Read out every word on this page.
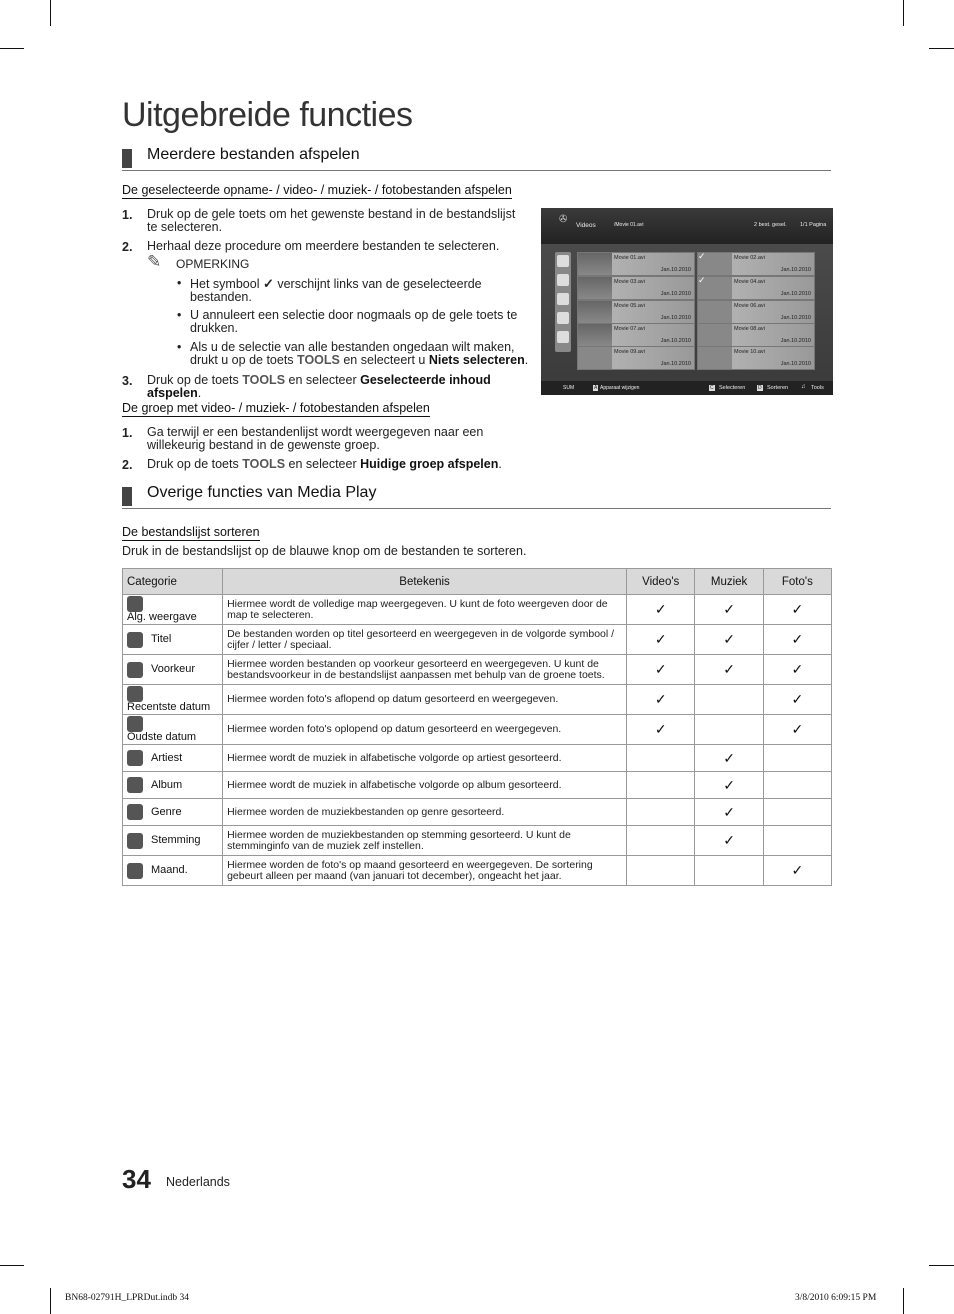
Uitgebreide functies
Meerdere bestanden afspelen
De geselecteerde opname- / video- / muziek- / fotobestanden afspelen
1. Druk op de gele toets om het gewenste bestand in de bestandslijst te selecteren.
2. Herhaal deze procedure om meerdere bestanden te selecteren.
✎ OPMERKING
• Het symbool ✓ verschijnt links van de geselecteerde bestanden.
• U annuleert een selectie door nogmaals op de gele toets te drukken.
• Als u de selectie van alle bestanden ongedaan wilt maken, drukt u op de toets TOOLS en selecteert u Niets selecteren.
3. Druk op de toets TOOLS en selecteer Geselecteerde inhoud afspelen.
De groep met video- / muziek- / fotobestanden afspelen
1. Ga terwijl er een bestandenlijst wordt weergegeven naar een willekeurig bestand in de gewenste groep.
2. Druk op de toets TOOLS en selecteer Huidige groep afspelen.
✇
Videos	/Movie 01.avi	2 best. gesel. 1/1 Pagina
SUM	A Apparaat wijzigen	C Selecteren	D Sorteren ♫ Tools
Movie 01.avi
Jan.10.2010
Movie 02.avi
Jan.10.2010
Movie 03.avi
Jan.10.2010
Movie 04.avi
Jan.10.2010
Movie 05.avi
Jan.10.2010
Movie 06.avi
Jan.10.2010
Movie 07.avi
Jan.10.2010
Movie 08.avi
Jan.10.2010
Movie 09.avi
Jan.10.2010
Movie 10.avi
Jan.10.2010
✓
✓
Overige functies van Media Play
De bestandslijst sorteren
Druk in de bestandslijst op de blauwe knop om de bestanden te sorteren.
Categorie	Betekenis	Video's	Muziek	Foto's
Alg. weergave	Hiermee wordt de volledige map weergegeven. U kunt de foto weergeven door de map te selecteren.	✓	✓	✓
Titel	De bestanden worden op titel gesorteerd en weergegeven in de volgorde symbool / cijfer / letter / speciaal.	✓	✓	✓
Voorkeur	Hiermee worden bestanden op voorkeur gesorteerd en weergegeven. U kunt de bestandsvoorkeur in de bestandslijst aanpassen met behulp van de groene toets.	✓	✓	✓
Recentste datum	Hiermee worden foto's aflopend op datum gesorteerd en weergegeven.	✓		✓
Oudste datum	Hiermee worden foto's oplopend op datum gesorteerd en weergegeven.	✓		✓
Artiest	Hiermee wordt de muziek in alfabetische volgorde op artiest gesorteerd.		✓	
Album	Hiermee wordt de muziek in alfabetische volgorde op album gesorteerd.		✓	
Genre	Hiermee worden de muziekbestanden op genre gesorteerd.		✓	
Stemming	Hiermee worden de muziekbestanden op stemming gesorteerd. U kunt de stemminginfo van de muziek zelf instellen.		✓	
Maand.	Hiermee worden de foto's op maand gesorteerd en weergegeven. De sortering gebeurt alleen per maand (van januari tot december), ongeacht het jaar.			✓
34 Nederlands
BN68-02791H_LPRDut.indb 34	3/8/2010 6:09:15 PM
